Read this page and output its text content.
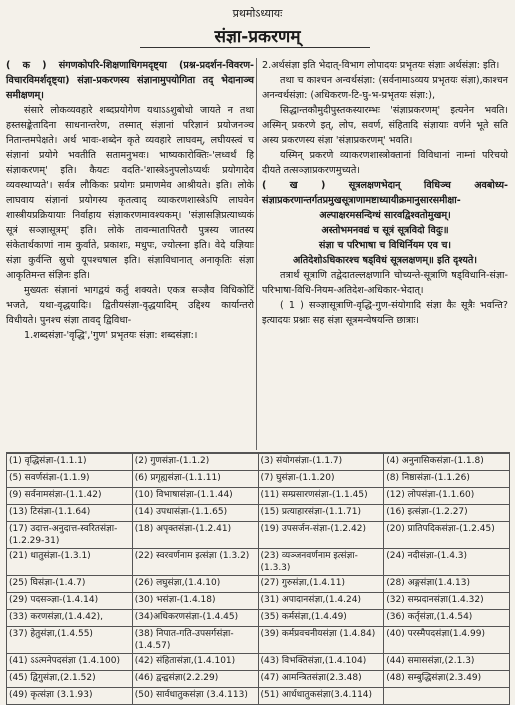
प्रथमोऽध्यायः
संज्ञा-प्रकरणम्

( क ) संगणकोपरि-शिक्षणाधिगमदृष्ट्या (प्रश्न-प्रदर्शन-विवरण-विचारविमर्शदृष्ट्या) संज्ञा-प्रकरणस्य संज्ञानामुपयोगिता तद् भेदानाञ्च समीक्षणम्।

संसारे लोकव्यवहारे शब्दप्रयोगेण यथाऽऽशुबोधो जायते न तथा हस्तसङ्केतादिना साधनान्तरेण, तस्मात् संज्ञानां परिज्ञानं प्रयोजनञ्च नितान्तमपेक्षते। अर्थ भावः-शब्देन कृते व्यवहारे लाघवम्, लघीयस्त्वं च संज्ञानां प्रयोगे भवतीति सतामनुभवः। भाष्यकारोक्तिः-'लध्वर्थं हि संज्ञाकरणम्' इति। कैयटः वदति-'शास्त्रेऽनुपलोऽप्यर्थः प्रयोगादेव व्यवस्थाप्यते'। सर्वत्र लौकिकः प्रयोगः प्रमाणमेव आश्रीयते। इति। लोके लाघवाय संज्ञानां प्रयोगस्य कृतत्वाद् व्याकरणशास्त्रेऽपि लाघवेन शास्त्रीयप्रक्रियायाः निर्वाहाय संज्ञाकरणमावश्यकम्। 'संज्ञासज्ञिप्रत्याध्यकं सूत्रं सञ्ज्ञासूत्रम्' इति। लोके तावन्मातापितरौ पुत्रस्य जातस्य संकेतार्थकाणां नाम कुर्वाते, प्रकाशः, मधुपः, ज्योत्स्ना इति। वेदे यज्ञियाः संज्ञा कुर्वन्ति स्रुचो यूपश्चषाल इति। संज्ञाविधानात् अनाकृतिः संज्ञा आकृतिमन्त संज्ञिनः इति।

मुख्यतः संज्ञानां भागद्वयं कर्तुं शक्यते। एकत्र सञ्ज्ञैव विधिकोटिं भजते, यथा-वृद्धयादिः। द्वितीयसंज्ञा-वृद्धयादिम् उद्दिश्य कार्यान्तरो विधीयते। पुनश्च संज्ञा तावद् द्विविधा-

1.शब्दसंज्ञा-'वृद्धि','गुण' प्रभृतयः संज्ञा: शब्दसंज्ञा:।

2.अर्थसंज्ञा इति भेदात्-विभाग लोपादयः प्रभृतयः संज्ञाः अर्थसंज्ञा: इति।

तथा च काश्चन अन्वर्थसंज्ञा: (सर्वनामाऽव्यय प्रभृतयः संज्ञा),काश्चन अनन्वर्थसंज्ञा: (अधिकरण-टि-घु-भ-प्रभृतयः संज्ञा:),

सिद्धान्तकौमुदीपुस्तकस्यारम्भः 'संज्ञाप्रकरणम्' इत्यनेन भवति। अस्मिन् प्रकरणे इत्, लोप, सवर्ण, संहितादि संज्ञायाः वर्णने भूते सति अस्य प्रकरणस्य संज्ञा 'संज्ञाप्रकरणम्' भवति।

यस्मिन् प्रकरणे व्याकरणशास्त्रोक्तानां विविधानां नाम्नां परिचयो दीयते तत्सञ्ज्ञाप्रकरणमुच्यते।

( ख ) सूत्रलक्षणभेदान् विधिञ्च अवबोध्य-संज्ञाप्रकरणान्तर्गतप्रमुखसूत्राणामष्टाध्यायीक्रमानुसारसमीक्षा-

अल्पाक्षरमसन्दिग्धं सारवद्विश्वतोमुखम्।

अस्तोभमनवद्यं च सूत्रं सूत्रविदो विदुः॥

संज्ञा च परिभाषा च विधिर्नियम एव च।

अतिदेशोऽधिकारश्च षड्विधं सूत्रलक्षणम्॥ इति दृश्यते।

तत्रार्थं सूत्राणि तद्वेदातल्लक्षणानि चोच्यन्ते-सूत्राणि षड्विधानि-संज्ञा-परिभाषा-विधि-नियम-अतिदेश-अधिकार-भेदात्।

( 1 ) सञ्ज्ञासूत्राणि-वृद्धि-गुण-संयोगादि संज्ञा कैः सूत्रैः भवन्ति? इत्यादयः प्रश्नाः सह संज्ञा सूत्रमन्वेषयन्ति छात्राः।

(1) वृद्धिसंज्ञा-(1.1.1)	(2) गुणसंज्ञा-(1.1.2)	(3) संयोगसंज्ञा-(1.1.7)	(4) अनुनासिकसंज्ञा-(1.1.8)
(5) सवर्णसंज्ञा-(1.1.9)	(6) प्रगृह्यसंज्ञा-(1.1.11)	(7) घुसंज्ञा-(1.1.20)	(8) निष्ठासंज्ञा-(1.1.26)
(9) सर्वनामसंज्ञा-(1.1.42)	(10) विभाषासंज्ञा-(1.1.44)	(11) सम्प्रसारणसंज्ञा-(1.1.45)	(12) लोपसंज्ञा-(1.1.60)
(13) टिसंज्ञा-(1.1.64)	(14) उपधासंज्ञा-(1.1.65)	(15) प्रत्याहारसंज्ञा-(1.1.71)	(16) इत्संज्ञा-(1.2.27)
(17) उदात्त-अनुदात्त-स्वरितसंज्ञा-(1.2.29-31)	(18) अपृक्तसंज्ञा-(1.2.41)	(19) उपसर्जन-संज्ञा-(1.2.42)	(20) प्रातिपदिकसंज्ञा-(1.2.45)
(21) धातुसंज्ञा-(1.3.1)	(22) स्वरवर्णनाम इत्संज्ञा (1.3.2)	(23) व्यञ्जनवर्णनाम इत्संज्ञा-(1.3.3)	(24) नदीसंज्ञा-(1.4.3)
(25) घिसंज्ञा-(1.4.7)	(26) लघुसंज्ञा,(1.4.10)	(27) गुरुसंज्ञा,(1.4.11)	(28) अङ्गसंज्ञा(1.4.13)
(29) पदसञ्ज्ञा-(1.4.14)	(30) भसंज्ञा-(1.4.18)	(31) अपादानसंज्ञा,(1.4.24)	(32) सम्प्रदानसंज्ञा(1.4.32)
(33) करणसंज्ञा,(1.4.42),	(34)अधिकरणसंज्ञा-(1.4.45)	(35) कर्मसंज्ञा,(1.4.49)	(36) कर्तृसंज्ञा,(1.4.54)
(37) हेतुसंज्ञा,(1.4.55)	(38) निपात-गति-उपसर्गसंज्ञा-(1.4.57)	(39) कर्मप्रवचनीयसंज्ञा (1.4.84)	(40) परस्मैपदसंज्ञा(1.4.99)
(41) ऽऽत्मनेपदसंज्ञा (1.4.100)	(42) संहितासंज्ञा,(1.4.101)	(43) विभक्तिसंज्ञा,(1.4.104)	(44) समाससंज्ञा,(2.1.3)
(45) द्विगुसंज्ञा,(2.1.52)	(46) द्वन्द्वसंज्ञा(2.2.29)	(47) आमन्त्रितसंज्ञा(2.3.48)	(48) सम्बुद्धिसंज्ञा(2.3.49)
(49) कृत्संज्ञा (3.1.93)	(50) सार्वधातुकसंज्ञा (3.4.113)	(51) आर्धधातुकसंज्ञा(3.4.114)	
